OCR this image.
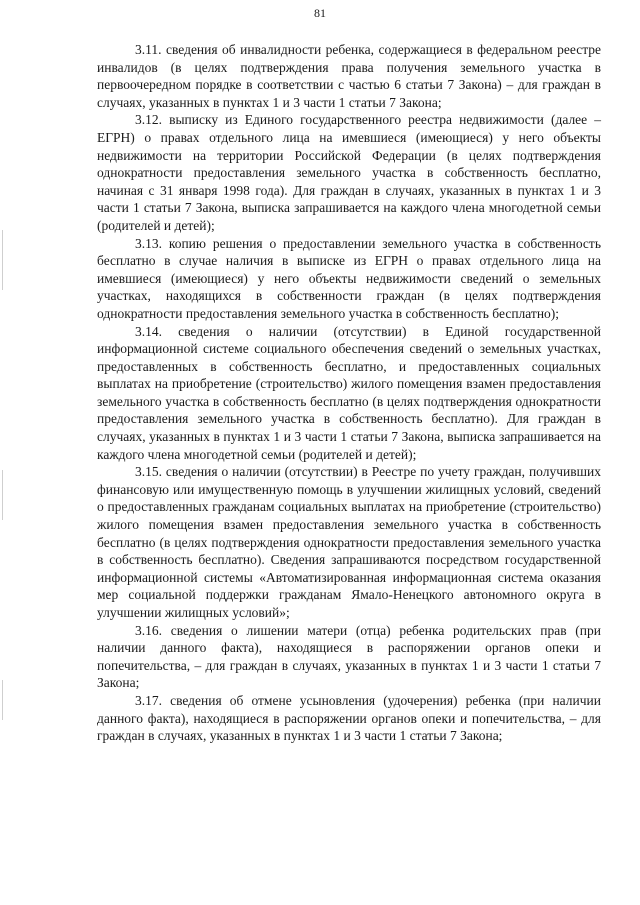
81

3.11. сведения об инвалидности ребенка, содержащиеся в федеральном реестре инвалидов (в целях подтверждения права получения земельного участка в первоочередном порядке в соответствии с частью 6 статьи 7 Закона) – для граждан в случаях, указанных в пунктах 1 и 3 части 1 статьи 7 Закона;

3.12. выписку из Единого государственного реестра недвижимости (далее – ЕГРН) о правах отдельного лица на имевшиеся (имеющиеся) у него объекты недвижимости на территории Российской Федерации (в целях подтверждения однократности предоставления земельного участка в собственность бесплатно, начиная с 31 января 1998 года). Для граждан в случаях, указанных в пунктах 1 и 3 части 1 статьи 7 Закона, выписка запрашивается на каждого члена многодетной семьи (родителей и детей);

3.13. копию решения о предоставлении земельного участка в собственность бесплатно в случае наличия в выписке из ЕГРН о правах отдельного лица на имевшиеся (имеющиеся) у него объекты недвижимости сведений о земельных участках, находящихся в собственности граждан (в целях подтверждения однократности предоставления земельного участка в собственность бесплатно);

3.14. сведения о наличии (отсутствии) в Единой государственной информационной системе социального обеспечения сведений о земельных участках, предоставленных в собственность бесплатно, и предоставленных социальных выплатах на приобретение (строительство) жилого помещения взамен предоставления земельного участка в собственность бесплатно (в целях подтверждения однократности предоставления земельного участка в собственность бесплатно). Для граждан в случаях, указанных в пунктах 1 и 3 части 1 статьи 7 Закона, выписка запрашивается на каждого члена многодетной семьи (родителей и детей);

3.15. сведения о наличии (отсутствии) в Реестре по учету граждан, получивших финансовую или имущественную помощь в улучшении жилищных условий, сведений о предоставленных гражданам социальных выплатах на приобретение (строительство) жилого помещения взамен предоставления земельного участка в собственность бесплатно (в целях подтверждения однократности предоставления земельного участка в собственность бесплатно). Сведения запрашиваются посредством государственной информационной системы «Автоматизированная информационная система оказания мер социальной поддержки гражданам Ямало-Ненецкого автономного округа в улучшении жилищных условий»;

3.16. сведения о лишении матери (отца) ребенка родительских прав (при наличии данного факта), находящиеся в распоряжении органов опеки и попечительства, – для граждан в случаях, указанных в пунктах 1 и 3 части 1 статьи 7 Закона;

3.17. сведения об отмене усыновления (удочерения) ребенка (при наличии данного факта), находящиеся в распоряжении органов опеки и попечительства, – для граждан в случаях, указанных в пунктах 1 и 3 части 1 статьи 7 Закона;
